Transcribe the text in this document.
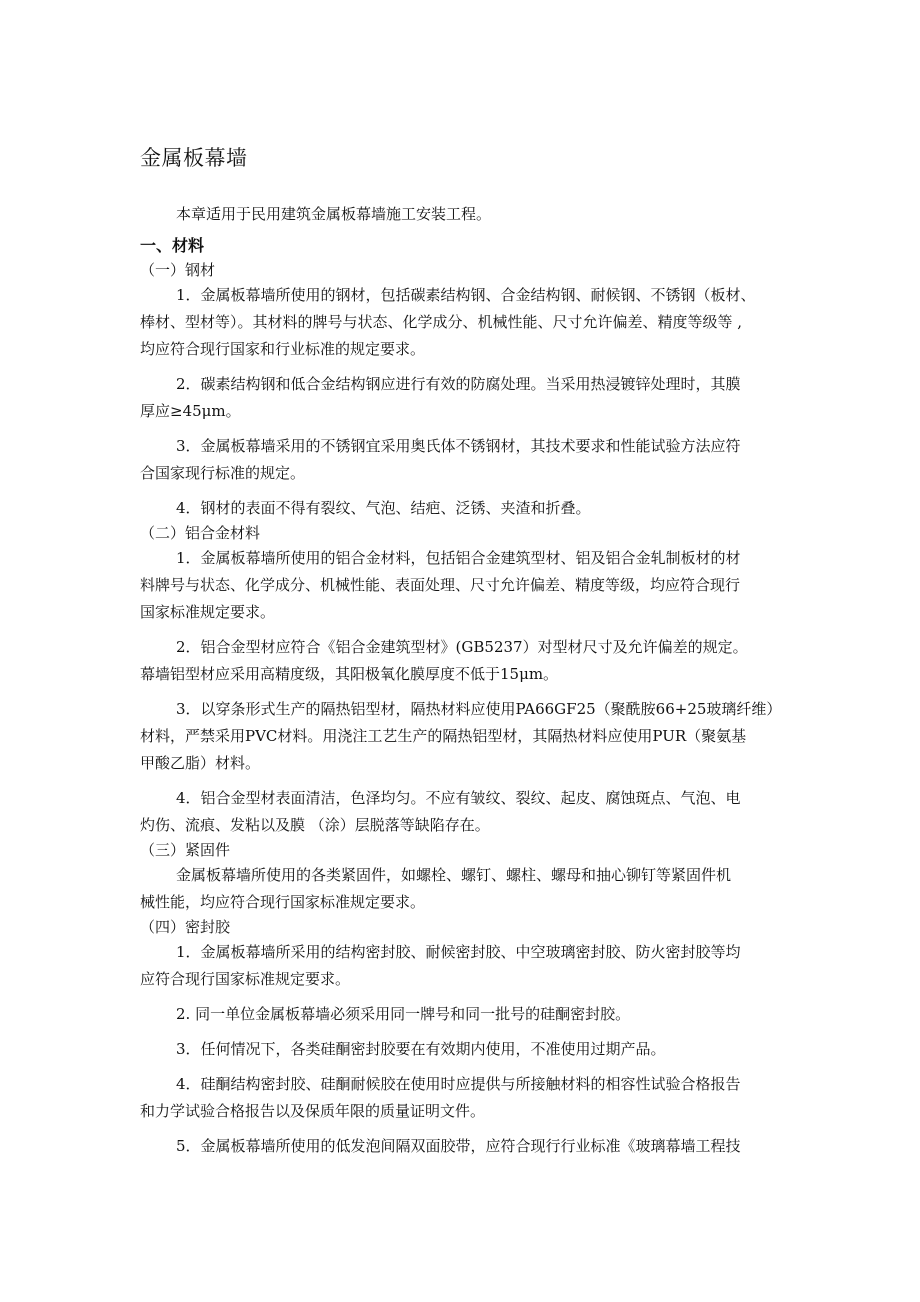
金属板幕墙

本章适用于民用建筑金属板幕墙施工安装工程。

一、材料

（一）钢材

1．金属板幕墙所使用的钢材，包括碳素结构钢、合金结构钢、耐候钢、不锈钢（板材、
棒材、型材等）。其材料的牌号与状态、化学成分、机械性能、尺寸允许偏差、精度等级等 ,
均应符合现行国家和行业标准的规定要求。
2．碳素结构钢和低合金结构钢应进行有效的防腐处理。当采用热浸镀锌处理时，其膜
厚应≥45μm。
3．金属板幕墙采用的不锈钢宜采用奥氏体不锈钢材，其技术要求和性能试验方法应符
合国家现行标准的规定。
4．钢材的表面不得有裂纹、气泡、结疤、泛锈、夹渣和折叠。

（二）铝合金材料

1．金属板幕墙所使用的铝合金材料，包括铝合金建筑型材、铝及铝合金轧制板材的材
料牌号与状态、化学成分、机械性能、表面处理、尺寸允许偏差、精度等级，均应符合现行
国家标准规定要求。
2．铝合金型材应符合《铝合金建筑型材》(GB5237）对型材尺寸及允许偏差的规定。
幕墙铝型材应采用高精度级，其阳极氧化膜厚度不低于15μm。
3．以穿条形式生产的隔热铝型材，隔热材料应使用PA66GF25（聚酰胺66+25玻璃纤维）
材料，严禁采用PVC材料。用浇注工艺生产的隔热铝型材，其隔热材料应使用PUR（聚氨基
甲酸乙脂）材料。
4．铝合金型材表面清洁，色泽均匀。不应有皱纹、裂纹、起皮、腐蚀斑点、气泡、电
灼伤、流痕、发粘以及膜 （涂）层脱落等缺陷存在。

（三）紧固件

金属板幕墙所使用的各类紧固件，如螺栓、螺钉、螺柱、螺母和抽心铆钉等紧固件机
械性能，均应符合现行国家标准规定要求。

（四）密封胶

1．金属板幕墙所采用的结构密封胶、耐候密封胶、中空玻璃密封胶、防火密封胶等均
应符合现行国家标准规定要求。
2. 同一单位金属板幕墙必须采用同一牌号和同一批号的硅酮密封胶。
3．任何情况下，各类硅酮密封胶要在有效期内使用，不准使用过期产品。
4．硅酮结构密封胶、硅酮耐候胶在使用时应提供与所接触材料的相容性试验合格报告
和力学试验合格报告以及保质年限的质量证明文件。
5．金属板幕墙所使用的低发泡间隔双面胶带，应符合现行行业标准《玻璃幕墙工程技
